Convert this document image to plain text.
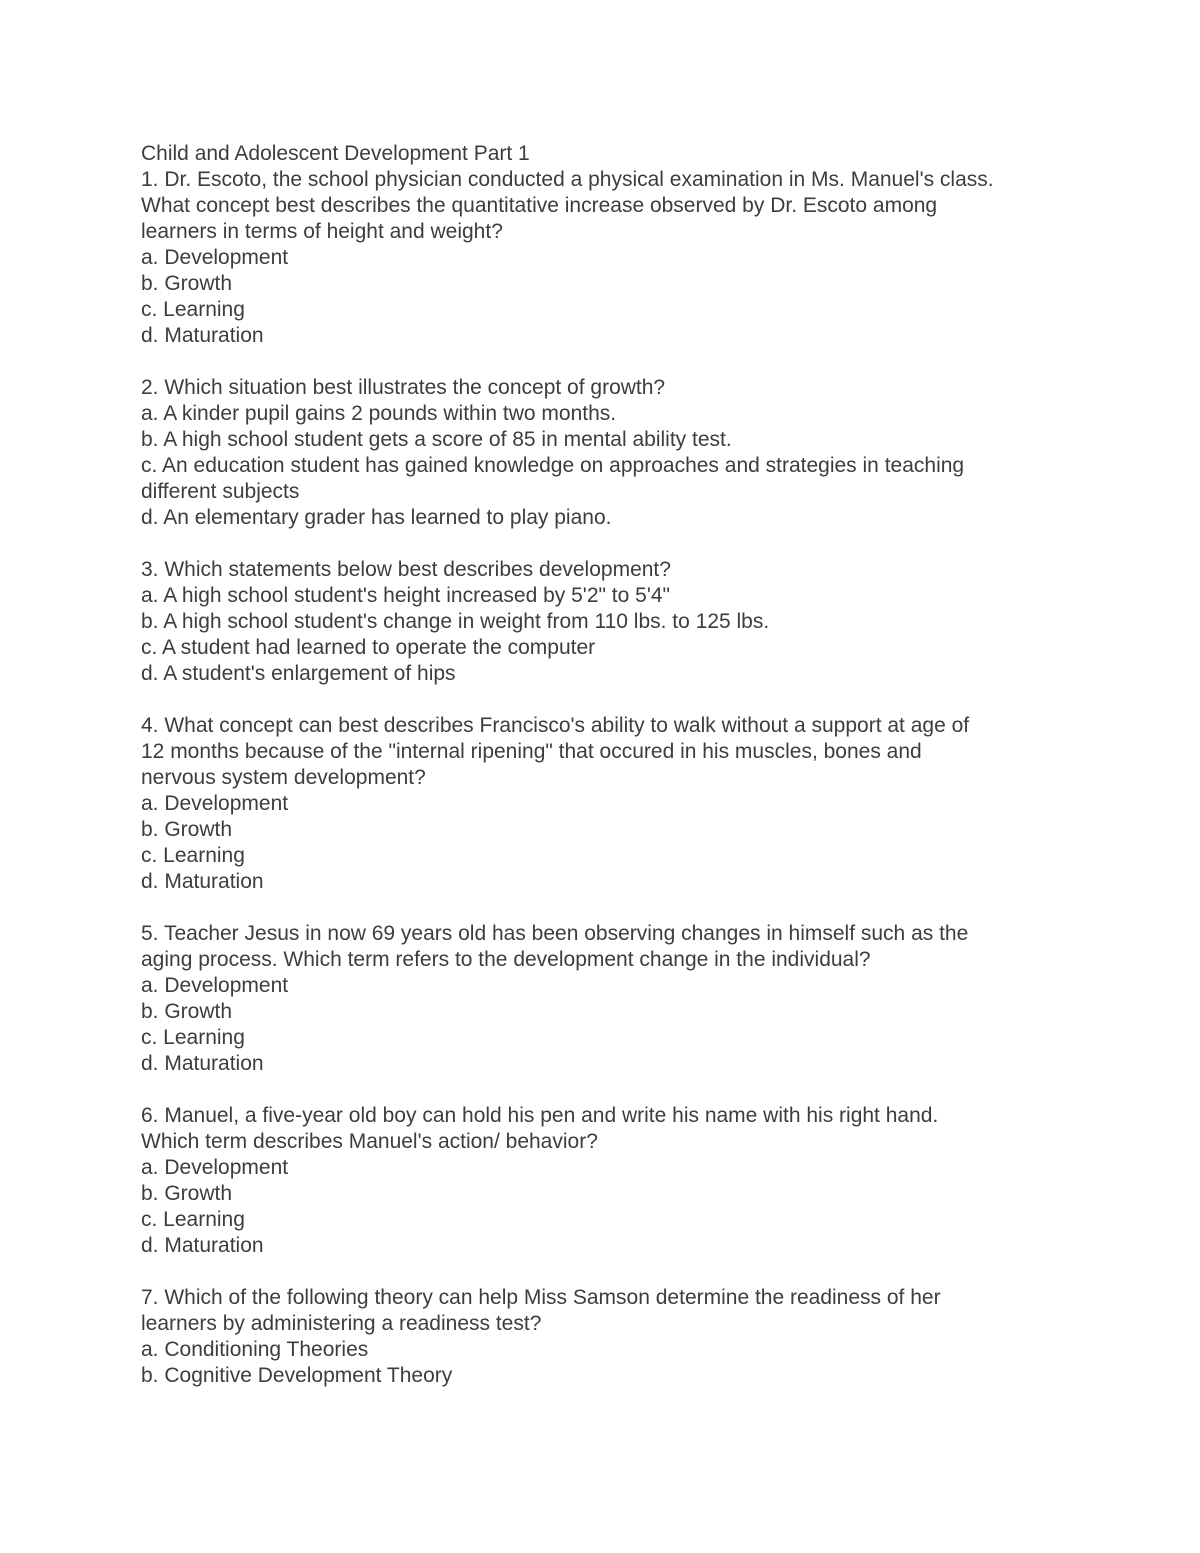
Child and Adolescent Development Part 1
1. Dr. Escoto, the school physician conducted a physical examination in Ms. Manuel's class.
What concept best describes the quantitative increase observed by Dr. Escoto among
learners in terms of height and weight?
a. Development
b. Growth
c. Learning
d. Maturation
2. Which situation best illustrates the concept of growth?
a. A kinder pupil gains 2 pounds within two months.
b. A high school student gets a score of 85 in mental ability test.
c. An education student has gained knowledge on approaches and strategies in teaching
different subjects
d. An elementary grader has learned to play piano.
3. Which statements below best describes development?
a. A high school student's height increased by 5'2" to 5'4"
b. A high school student's change in weight from 110 lbs. to 125 lbs.
c. A student had learned to operate the computer
d. A student's enlargement of hips
4. What concept can best describes Francisco's ability to walk without a support at age of
12 months because of the "internal ripening" that occured in his muscles, bones and
nervous system development?
a. Development
b. Growth
c. Learning
d. Maturation
5. Teacher Jesus in now 69 years old has been observing changes in himself such as the
aging process. Which term refers to the development change in the individual?
a. Development
b. Growth
c. Learning
d. Maturation
6. Manuel, a five-year old boy can hold his pen and write his name with his right hand.
Which term describes Manuel's action/ behavior?
a. Development
b. Growth
c. Learning
d. Maturation
7. Which of the following theory can help Miss Samson determine the readiness of her
learners by administering a readiness test?
a. Conditioning Theories
b. Cognitive Development Theory
